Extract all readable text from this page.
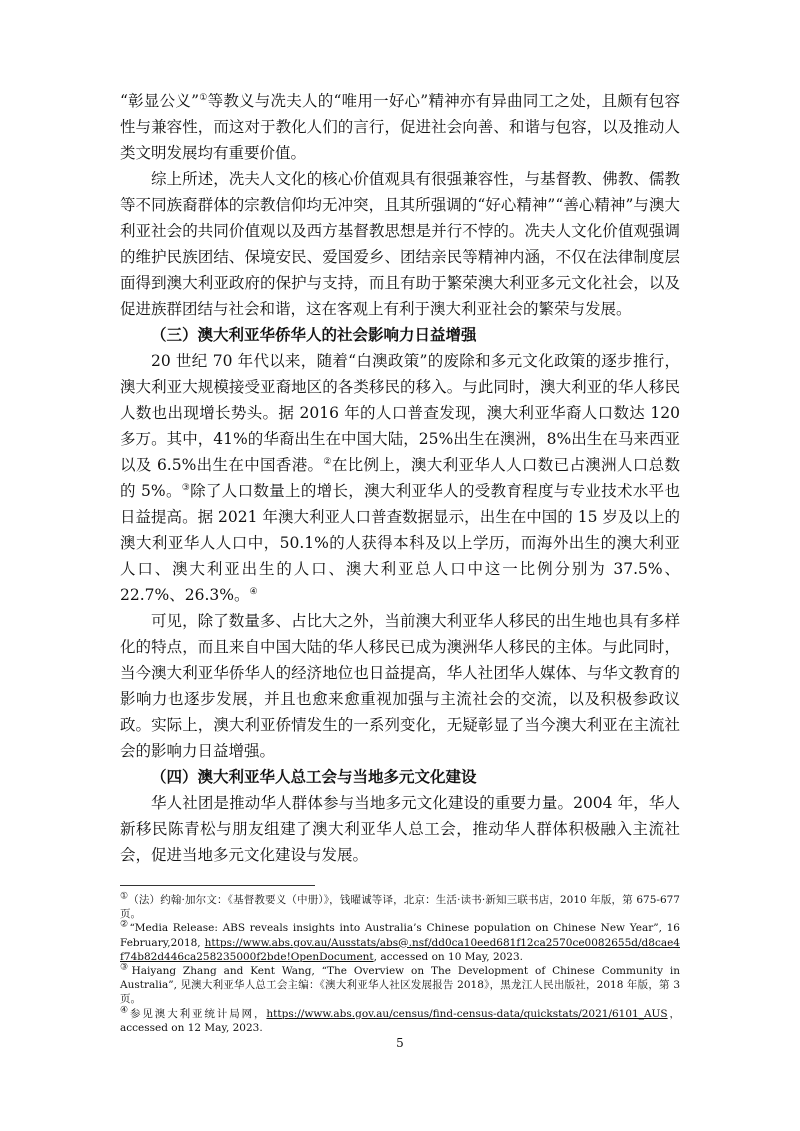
“彰显公义”①等教义与冼夫人的“唯用一好心”精神亦有异曲同工之处，且颇有包容性与兼容性，而这对于教化人们的言行，促进社会向善、和谐与包容，以及推动人类文明发展均有重要价值。

综上所述，冼夫人文化的核心价值观具有很强兼容性，与基督教、佛教、儒教等不同族裔群体的宗教信仰均无冲突，且其所强调的“好心精神”“善心精神”与澳大利亚社会的共同价值观以及西方基督教思想是并行不悖的。冼夫人文化价值观强调的维护民族团结、保境安民、爱国爱乡、团结亲民等精神内涵，不仅在法律制度层面得到澳大利亚政府的保护与支持，而且有助于繁荣澳大利亚多元文化社会，以及促进族群团结与社会和谐，这在客观上有利于澳大利亚社会的繁荣与发展。

（三）澳大利亚华侨华人的社会影响力日益增强

20 世纪 70 年代以来，随着“白澳政策”的废除和多元文化政策的逐步推行，澳大利亚大规模接受亚裔地区的各类移民的移入。与此同时，澳大利亚的华人移民人数也出现增长势头。据 2016 年的人口普查发现，澳大利亚华裔人口数达 120 多万。其中，41%的华裔出生在中国大陆，25%出生在澳洲，8%出生在马来西亚以及 6.5%出生在中国香港。②在比例上，澳大利亚华人人口数已占澳洲人口总数的 5%。③除了人口数量上的增长，澳大利亚华人的受教育程度与专业技术水平也日益提高。据 2021 年澳大利亚人口普查数据显示，出生在中国的 15 岁及以上的澳大利亚华人人口中，50.1%的人获得本科及以上学历，而海外出生的澳大利亚人口、澳大利亚出生的人口、澳大利亚总人口中这一比例分别为 37.5%、22.7%、26.3%。④

可见，除了数量多、占比大之外，当前澳大利亚华人移民的出生地也具有多样化的特点，而且来自中国大陆的华人移民已成为澳洲华人移民的主体。与此同时，当今澳大利亚华侨华人的经济地位也日益提高，华人社团华人媒体、与华文教育的影响力也逐步发展，并且也愈来愈重视加强与主流社会的交流，以及积极参政议政。实际上，澳大利亚侨情发生的一系列变化，无疑彰显了当今澳大利亚在主流社会的影响力日益增强。

（四）澳大利亚华人总工会与当地多元文化建设

华人社团是推动华人群体参与当地多元文化建设的重要力量。2004 年，华人新移民陈青松与朋友组建了澳大利亚华人总工会，推动华人群体积极融入主流社会，促进当地多元文化建设与发展。

①（法）约翰·加尔文：《基督教要义（中册）》，钱曜诚等译，北京：生活·读书·新知三联书店，2010 年版，第 675-677 页。

②“Media Release: ABS reveals insights into Australia’s Chinese population on Chinese New Year”, 16 February,2018, https://www.abs.gov.au/Ausstats/abs@.nsf/dd0ca10eed681f12ca2570ce0082655d/d8cae4f74b82d446ca258235000f2bde!OpenDocument, accessed on 10 May, 2023.

③Haiyang Zhang and Kent Wang, “The Overview on The Development of Chinese Community in Australia”, 见澳大利亚华人总工会主编：《澳大利亚华人社区发展报告 2018》，黑龙江人民出版社，2018 年版，第 3 页。

④参见澳大利亚统计局网，https://www.abs.gov.au/census/find-census-data/quickstats/2021/6101_AUS，accessed on 12 May, 2023.

5
